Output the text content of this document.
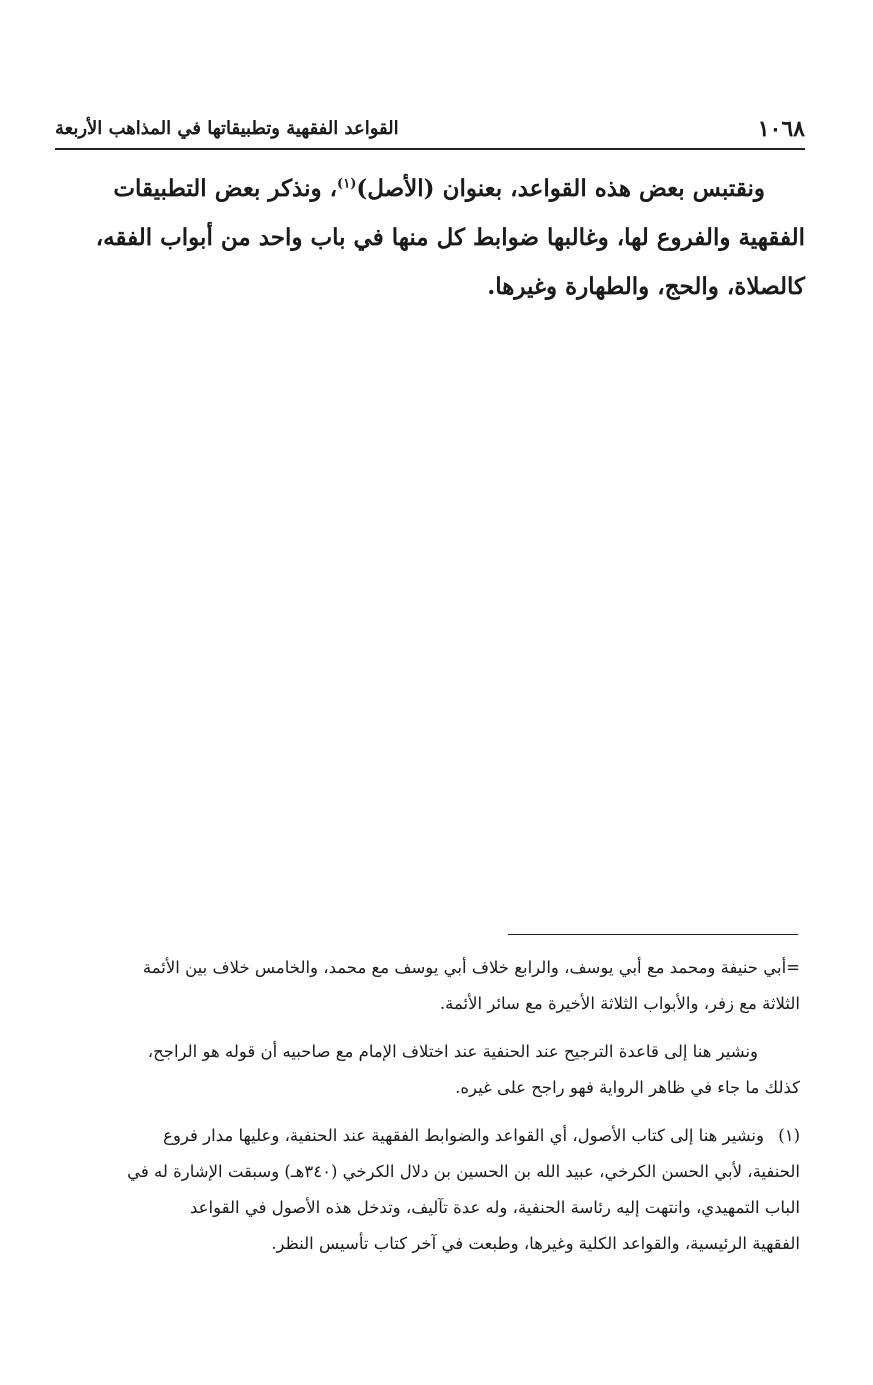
١٠٦٨
القواعد الفقهية وتطبيقاتها في المذاهب الأربعة
ونقتبس بعض هذه القواعد، بعنوان (الأصل)$^{(١)}$، ونذكر بعض التطبيقات
الفقهية والفروع لها، وغالبها ضوابط كل منها في باب واحد من أبواب الفقه،
كالصلاة، والحج، والطهارة وغيرها.
=أبي حنيفة ومحمد مع أبي يوسف، والرابع خلاف أبي يوسف مع محمد، والخامس خلاف بين الأئمة
الثلاثة مع زفر، والأبواب الثلاثة الأخيرة مع سائر الأئمة.
ونشير هنا إلى قاعدة الترجيح عند الحنفية عند اختلاف الإمام مع صاحبيه أن قوله هو الراجح،
كذلك ما جاء في ظاهر الرواية فهو راجح على غيره.
(١)ونشير هنا إلى كتاب الأصول، أي القواعد والضوابط الفقهية عند الحنفية، وعليها مدار فروع
الحنفية، لأبي الحسن الكرخي، عبيد الله بن الحسين بن دلال الكرخي (٣٤٠هـ) وسبقت الإشارة له في
الباب التمهيدي، وانتهت إليه رئاسة الحنفية، وله عدة تآليف، وتدخل هذه الأصول في القواعد
الفقهية الرئيسية، والقواعد الكلية وغيرها، وطبعت في آخر كتاب تأسيس النظر.
